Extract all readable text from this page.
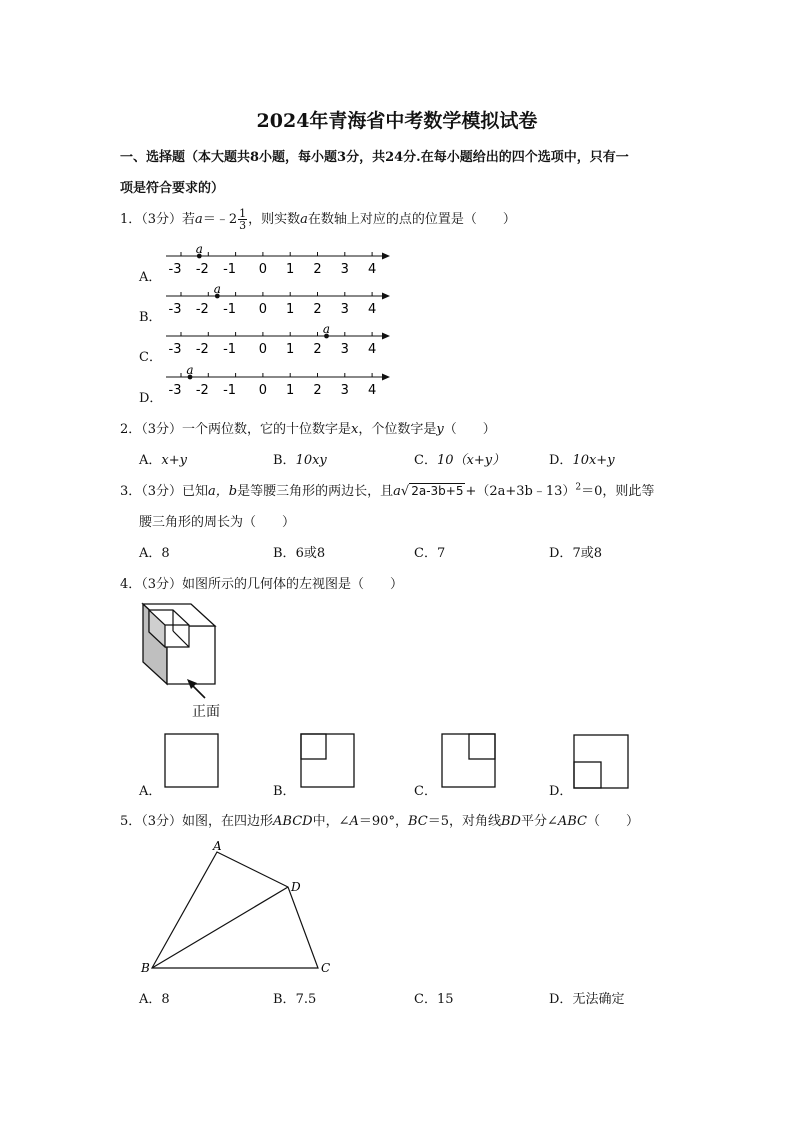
2024年青海省中考数学模拟试卷
一、选择题（本大题共8小题，每小题3分，共24分.在每小题给出的四个选项中，只有一
项是符合要求的）
1．（3分）若a＝﹣2 $\frac{1}{3}$ ，则实数a在数轴上对应的点的位置是（　　）
A．
-3 -2 -1 0 1 2 3 4
a
B．
-3 -2 -1 0 1 2 3 4
a
C．
-3 -2 -1 0 1 2 3 4
a
D．
-3 -2 -1 0 1 2 3 4
a
2．（3分）一个两位数，它的十位数字是x，个位数字是y（　　）
A．x+y	B．10xy	C．10（x+y）	D．10x+y
3．（3分）已知a，b是等腰三角形的两边长，且a√ 2a-3b+5 +（2a+3b﹣13）$^2$＝0，则此等
腰三角形的周长为（　　）
A．8	B．6或8	C．7	D．7或8
4．（3分）如图所示的几何体的左视图是（　　）
正面
A．	B．	C．	D．
5．（3分）如图，在四边形ABCD中，∠A＝90°，BC＝5，对角线BD平分∠ABC（　　）
A
B	C
D
A．8	B．7.5	C．15	D．无法确定
